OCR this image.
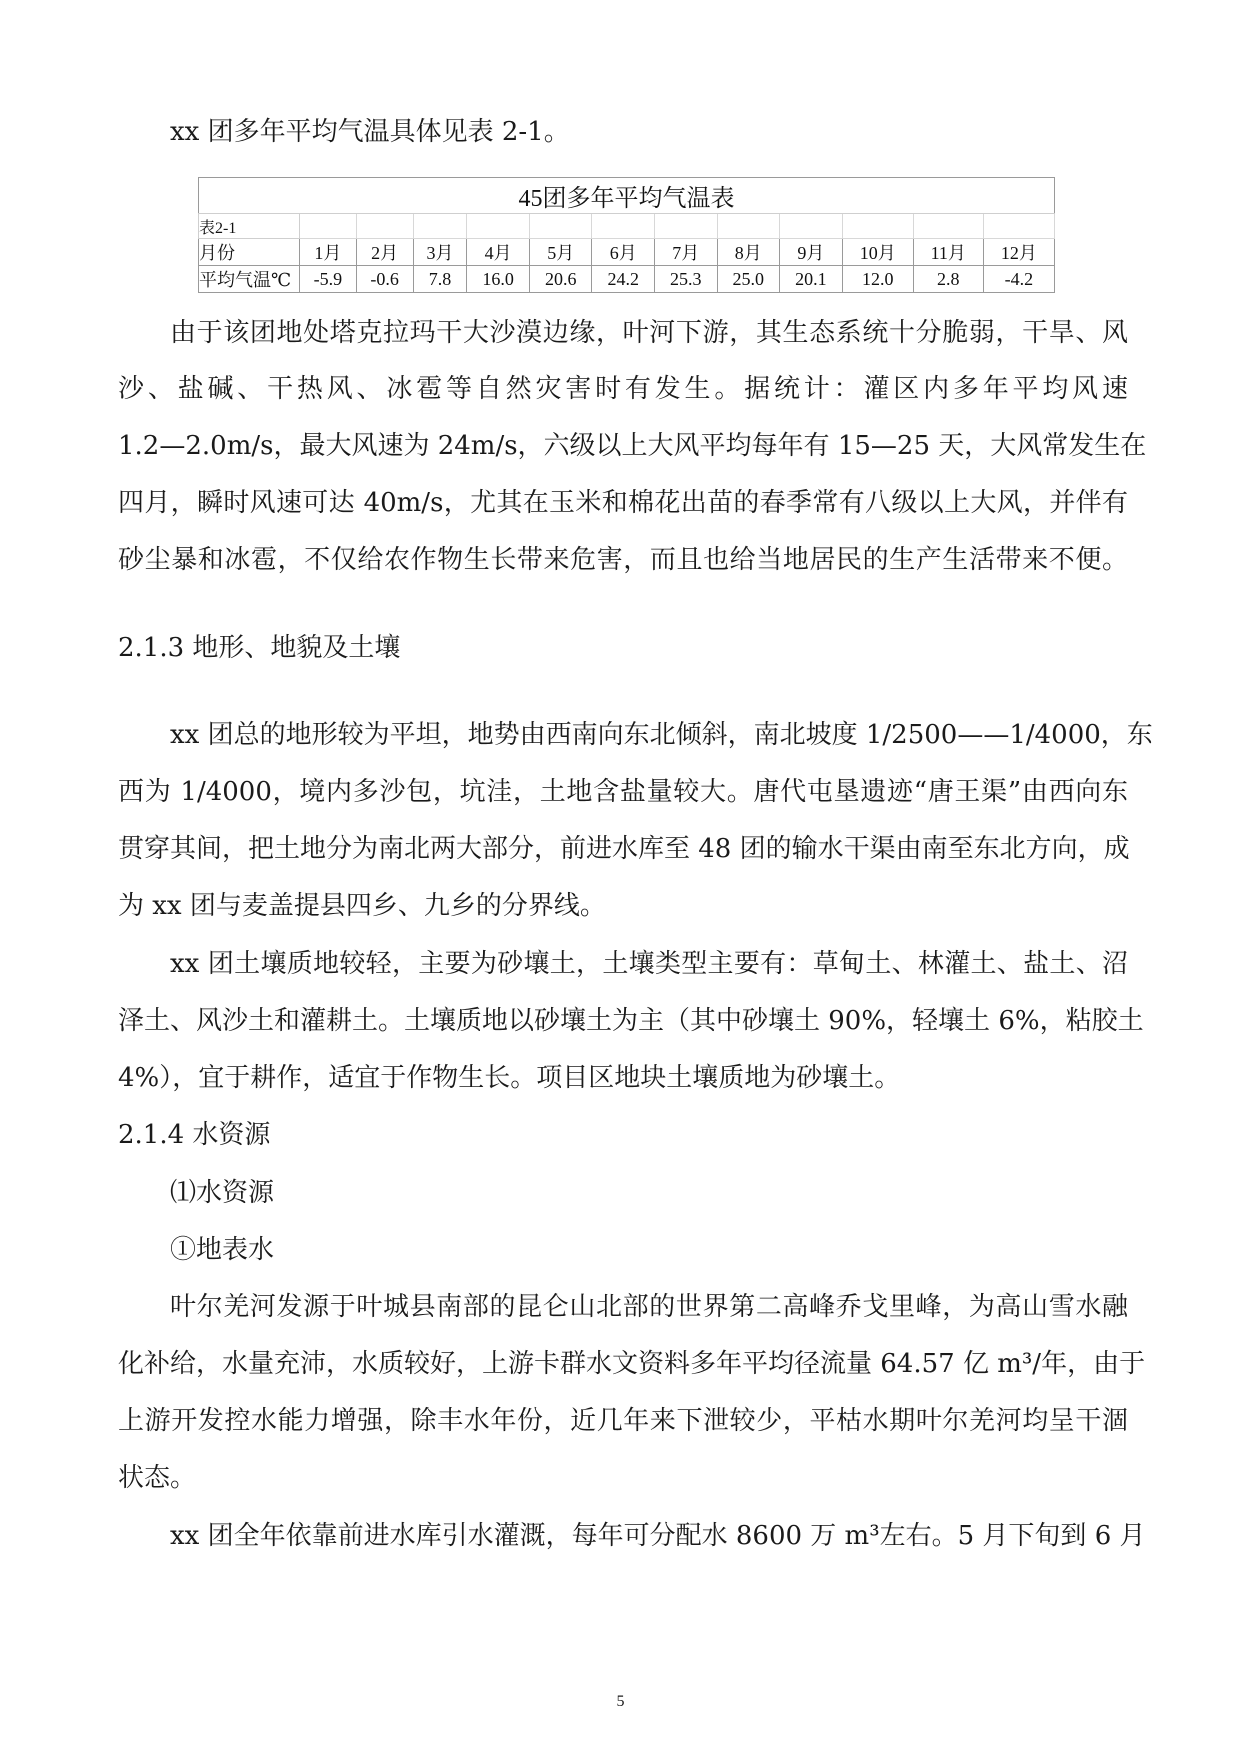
xx 团多年平均气温具体见表 2-1。
45团多年平均气温表												
表2-1												
月份	1月	2月	3月	4月	5月	6月	7月	8月	9月	10月	11月	12月
平均气温℃	-5.9	-0.6	7.8	16.0	20.6	24.2	25.3	25.0	20.1	12.0	2.8	-4.2
由于该团地处塔克拉玛干大沙漠边缘，叶河下游，其生态系统十分脆弱，干旱、风
沙、盐碱、干热风、冰雹等自然灾害时有发生。据统计：灌区内多年平均风速
1.2—2.0m/s，最大风速为 24m/s，六级以上大风平均每年有 15—25 天，大风常发生在
四月，瞬时风速可达 40m/s，尤其在玉米和棉花出苗的春季常有八级以上大风，并伴有
砂尘暴和冰雹，不仅给农作物生长带来危害，而且也给当地居民的生产生活带来不便。
2.1.3 地形、地貌及土壤
xx 团总的地形较为平坦，地势由西南向东北倾斜，南北坡度 1/2500——1/4000，东
西为 1/4000，境内多沙包，坑洼，土地含盐量较大。唐代屯垦遗迹“唐王渠”由西向东
贯穿其间，把土地分为南北两大部分，前进水库至 48 团的输水干渠由南至东北方向，成
为 xx 团与麦盖提县四乡、九乡的分界线。
xx 团土壤质地较轻，主要为砂壤土，土壤类型主要有：草甸土、林灌土、盐土、沼
泽土、风沙土和灌耕土。土壤质地以砂壤土为主（其中砂壤土 90%，轻壤土 6%，粘胶土
4%），宜于耕作，适宜于作物生长。项目区地块土壤质地为砂壤土。
2.1.4 水资源
⑴水资源
①地表水
叶尔羌河发源于叶城县南部的昆仑山北部的世界第二高峰乔戈里峰，为高山雪水融
化补给，水量充沛，水质较好，上游卡群水文资料多年平均径流量 64.57 亿 m³/年，由于
上游开发控水能力增强，除丰水年份，近几年来下泄较少，平枯水期叶尔羌河均呈干涸
状态。
xx 团全年依靠前进水库引水灌溉，每年可分配水 8600 万 m³左右。5 月下旬到 6 月
5
